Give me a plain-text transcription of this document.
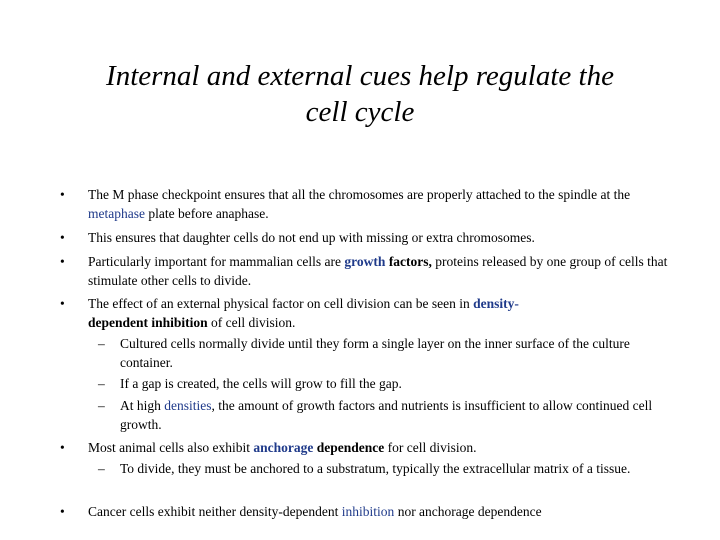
Internal and external cues help regulate the
cell cycle
• The M phase checkpoint ensures that all the chromosomes are properly attached to the spindle at the metaphase plate before anaphase.
• This ensures that daughter cells do not end up with missing or extra chromosomes.
• Particularly important for mammalian cells are growth factors, proteins released by one group of cells that stimulate other cells to divide.
• The effect of an external physical factor on cell division can be seen in density-
dependent inhibition of cell division.
– Cultured cells normally divide until they form a single layer on the inner surface of the culture container.
– If a gap is created, the cells will grow to fill the gap.
– At high densities, the amount of growth factors and nutrients is insufficient to allow continued cell growth.
• Most animal cells also exhibit anchorage dependence for cell division.
– To divide, they must be anchored to a substratum, typically the extracellular matrix of a tissue.
• Cancer cells exhibit neither density-dependent inhibition nor anchorage dependence
